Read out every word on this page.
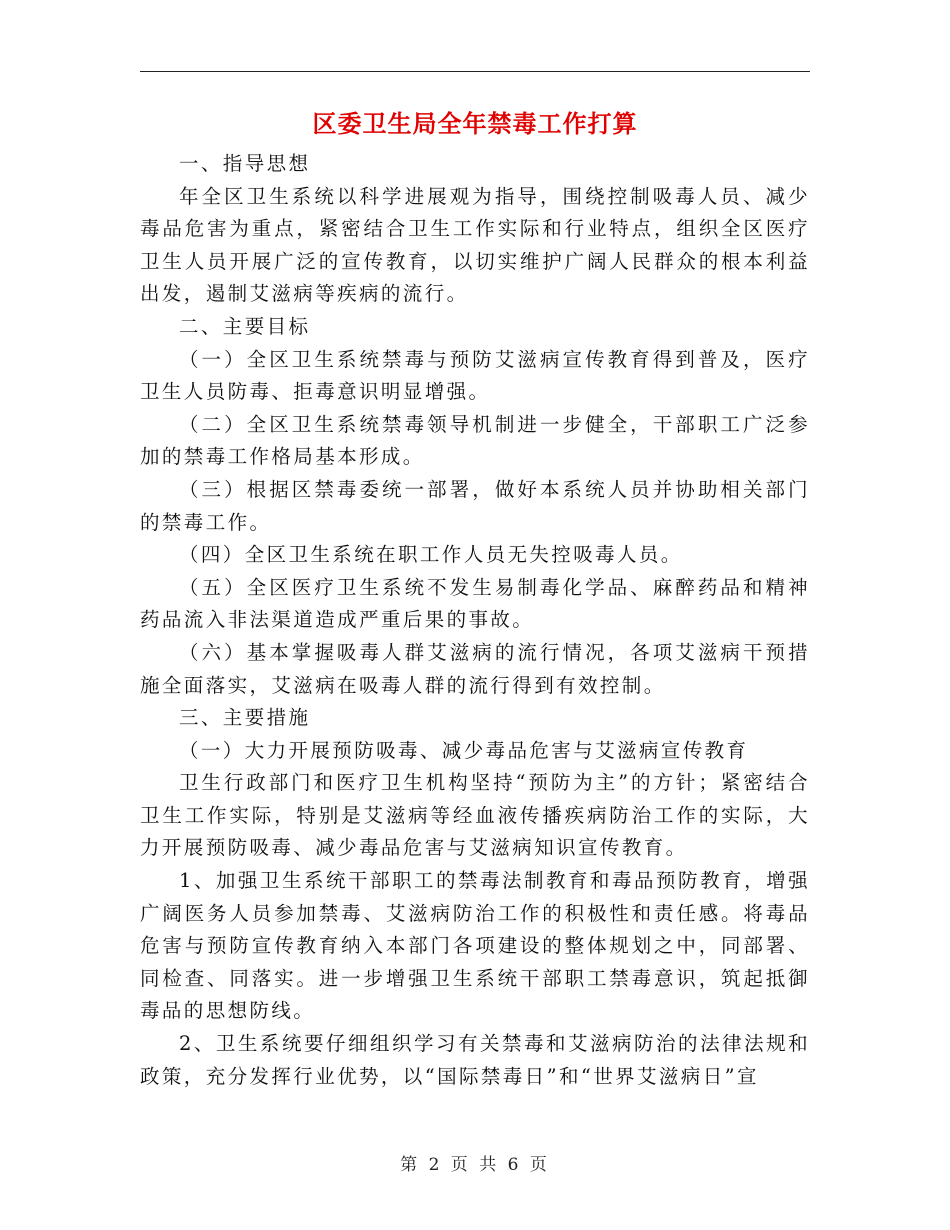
区委卫生局全年禁毒工作打算

一、指导思想

年全区卫生系统以科学进展观为指导，围绕控制吸毒人员、减少毒品危害为重点，紧密结合卫生工作实际和行业特点，组织全区医疗卫生人员开展广泛的宣传教育，以切实维护广阔人民群众的根本利益出发，遏制艾滋病等疾病的流行。

二、主要目标

（一）全区卫生系统禁毒与预防艾滋病宣传教育得到普及，医疗卫生人员防毒、拒毒意识明显增强。

（二）全区卫生系统禁毒领导机制进一步健全，干部职工广泛参加的禁毒工作格局基本形成。

（三）根据区禁毒委统一部署，做好本系统人员并协助相关部门的禁毒工作。

（四）全区卫生系统在职工作人员无失控吸毒人员。

（五）全区医疗卫生系统不发生易制毒化学品、麻醉药品和精神药品流入非法渠道造成严重后果的事故。

（六）基本掌握吸毒人群艾滋病的流行情况，各项艾滋病干预措施全面落实，艾滋病在吸毒人群的流行得到有效控制。

三、主要措施

（一）大力开展预防吸毒、减少毒品危害与艾滋病宣传教育

卫生行政部门和医疗卫生机构坚持“预防为主”的方针；紧密结合卫生工作实际，特别是艾滋病等经血液传播疾病防治工作的实际，大力开展预防吸毒、减少毒品危害与艾滋病知识宣传教育。

1、加强卫生系统干部职工的禁毒法制教育和毒品预防教育，增强广阔医务人员参加禁毒、艾滋病防治工作的积极性和责任感。将毒品危害与预防宣传教育纳入本部门各项建设的整体规划之中，同部署、同检查、同落实。进一步增强卫生系统干部职工禁毒意识，筑起抵御毒品的思想防线。

2、卫生系统要仔细组织学习有关禁毒和艾滋病防治的法律法规和政策，充分发挥行业优势，以“国际禁毒日”和“世界艾滋病日”宣

第 2 页 共 6 页
